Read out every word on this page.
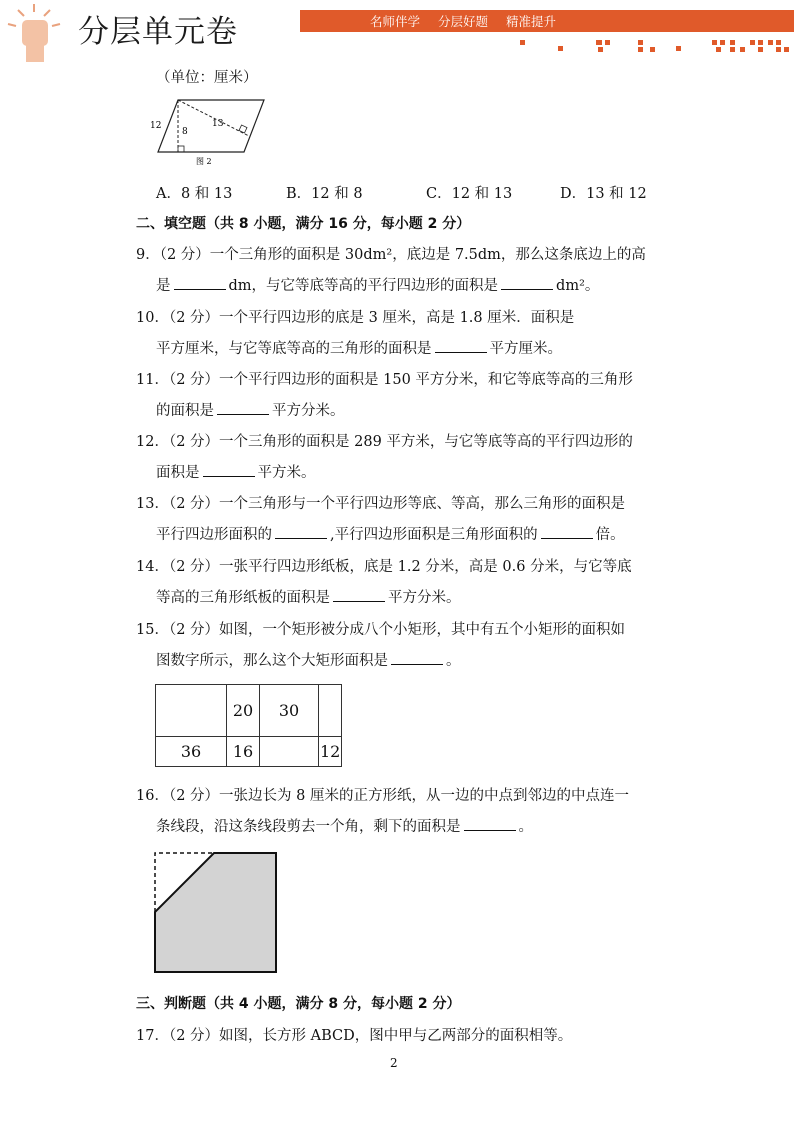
分层单元卷	名师伴学 分层好题 精准提升
（单位：厘米）
12
8
13
图 2
A．8 和 13	B．12 和 8	C．12 和 13	D．13 和 12
二、填空题（共 8 小题，满分 16 分，每小题 2 分）
9．（2 分）一个三角形的面积是 30dm²，底边是 7.5dm，那么这条底边上的高
是	dm，与它等底等高的平行四边形的面积是	dm²。
10．（2 分）一个平行四边形的底是 3 厘米，高是 1.8 厘米．面积是
平方厘米，与它等底等高的三角形的面积是	平方厘米。
11．（2 分）一个平行四边形的面积是 150 平方分米，和它等底等高的三角形
的面积是	平方分米。
12．（2 分）一个三角形的面积是 289 平方米，与它等底等高的平行四边形的
面积是	平方米。
13．（2 分）一个三角形与一个平行四边形等底、等高，那么三角形的面积是
平行四边形面积的	,平行四边形面积是三角形面积的	倍。
14．（2 分）一张平行四边形纸板，底是 1.2 分米，高是 0.6 分米，与它等底
等高的三角形纸板的面积是	平方分米。
15．（2 分）如图，一个矩形被分成八个小矩形，其中有五个小矩形的面积如
图数字所示，那么这个大矩形面积是	。
	20	30	
36	16		12
16．（2 分）一张边长为 8 厘米的正方形纸，从一边的中点到邻边的中点连一
条线段，沿这条线段剪去一个角，剩下的面积是	。
三、判断题（共 4 小题，满分 8 分，每小题 2 分）
17．（2 分）如图，长方形 ABCD，图中甲与乙两部分的面积相等。
2
